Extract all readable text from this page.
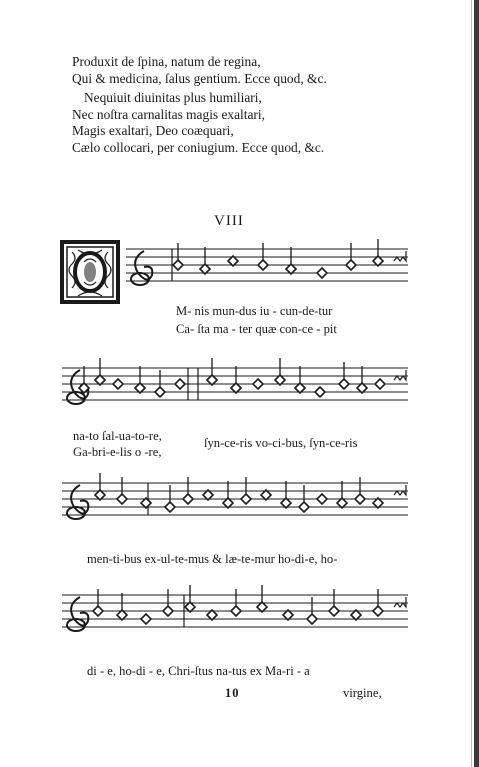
Produxit de ſpina, natum de regina,
Qui & medicina, ſalus gentium. Ecce quod, &c.
Nequiuit diuinitas plus humiliari,
Nec noſtra carnalitas magis exaltari,
Magis exaltari, Deo coæquari,
Cælo collocari, per coniugium. Ecce quod, &c.
VIII
O
M- nis mun-dus iu - cun-de-tur
Ca- ſta ma - ter quæ con-ce - pit
na-to ſal-ua-to-re,
Ga-bri-e-lis o -re,
ſyn-ce-ris vo-ci-bus, ſyn-ce-ris
men-ti-bus ex-ul-te-mus & læ-te-mur ho-di-e, ho-
di - e, ho-di - e, Chri-ſtus na-tus ex Ma-ri - a
10	virgine,
